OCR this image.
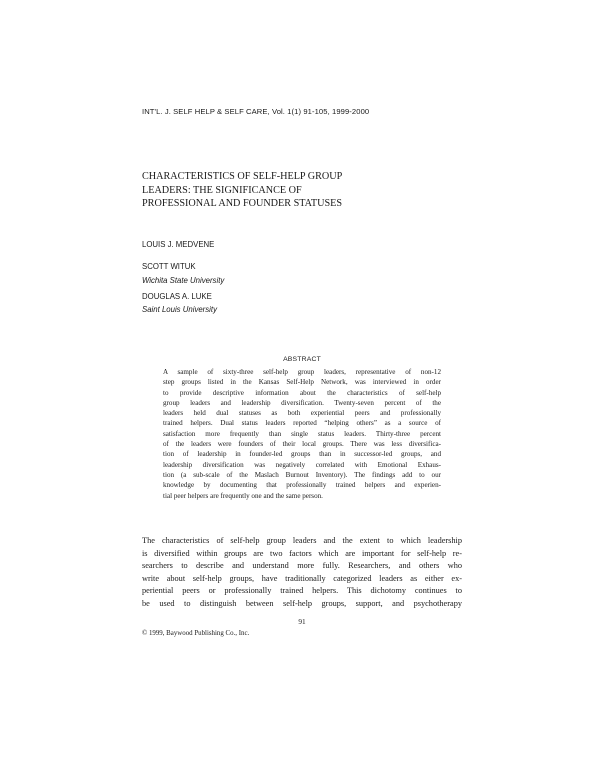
INT'L. J. SELF HELP & SELF CARE, Vol. 1(1) 91-105, 1999-2000
CHARACTERISTICS OF SELF-HELP GROUP
LEADERS: THE SIGNIFICANCE OF
PROFESSIONAL AND FOUNDER STATUSES
LOUIS J. MEDVENE
SCOTT WITUK
Wichita State University
DOUGLAS A. LUKE
Saint Louis University
ABSTRACT
A sample of sixty-three self-help group leaders, representative of non-12
step groups listed in the Kansas Self-Help Network, was interviewed in order
to provide descriptive information about the characteristics of self-help
group leaders and leadership diversification. Twenty-seven percent of the
leaders held dual statuses as both experiential peers and professionally
trained helpers. Dual status leaders reported “helping others” as a source of
satisfaction more frequently than single status leaders. Thirty-three percent
of the leaders were founders of their local groups. There was less diversifica-
tion of leadership in founder-led groups than in successor-led groups, and
leadership diversification was negatively correlated with Emotional Exhaus-
tion (a sub-scale of the Maslach Burnout Inventory). The findings add to our
knowledge by documenting that professionally trained helpers and experien-
tial peer helpers are frequently one and the same person.
The characteristics of self-help group leaders and the extent to which leadership
is diversified within groups are two factors which are important for self-help re-
searchers to describe and understand more fully. Researchers, and others who
write about self-help groups, have traditionally categorized leaders as either ex-
periential peers or professionally trained helpers. This dichotomy continues to
be used to distinguish between self-help groups, support, and psychotherapy
91
© 1999, Baywood Publishing Co., Inc.
